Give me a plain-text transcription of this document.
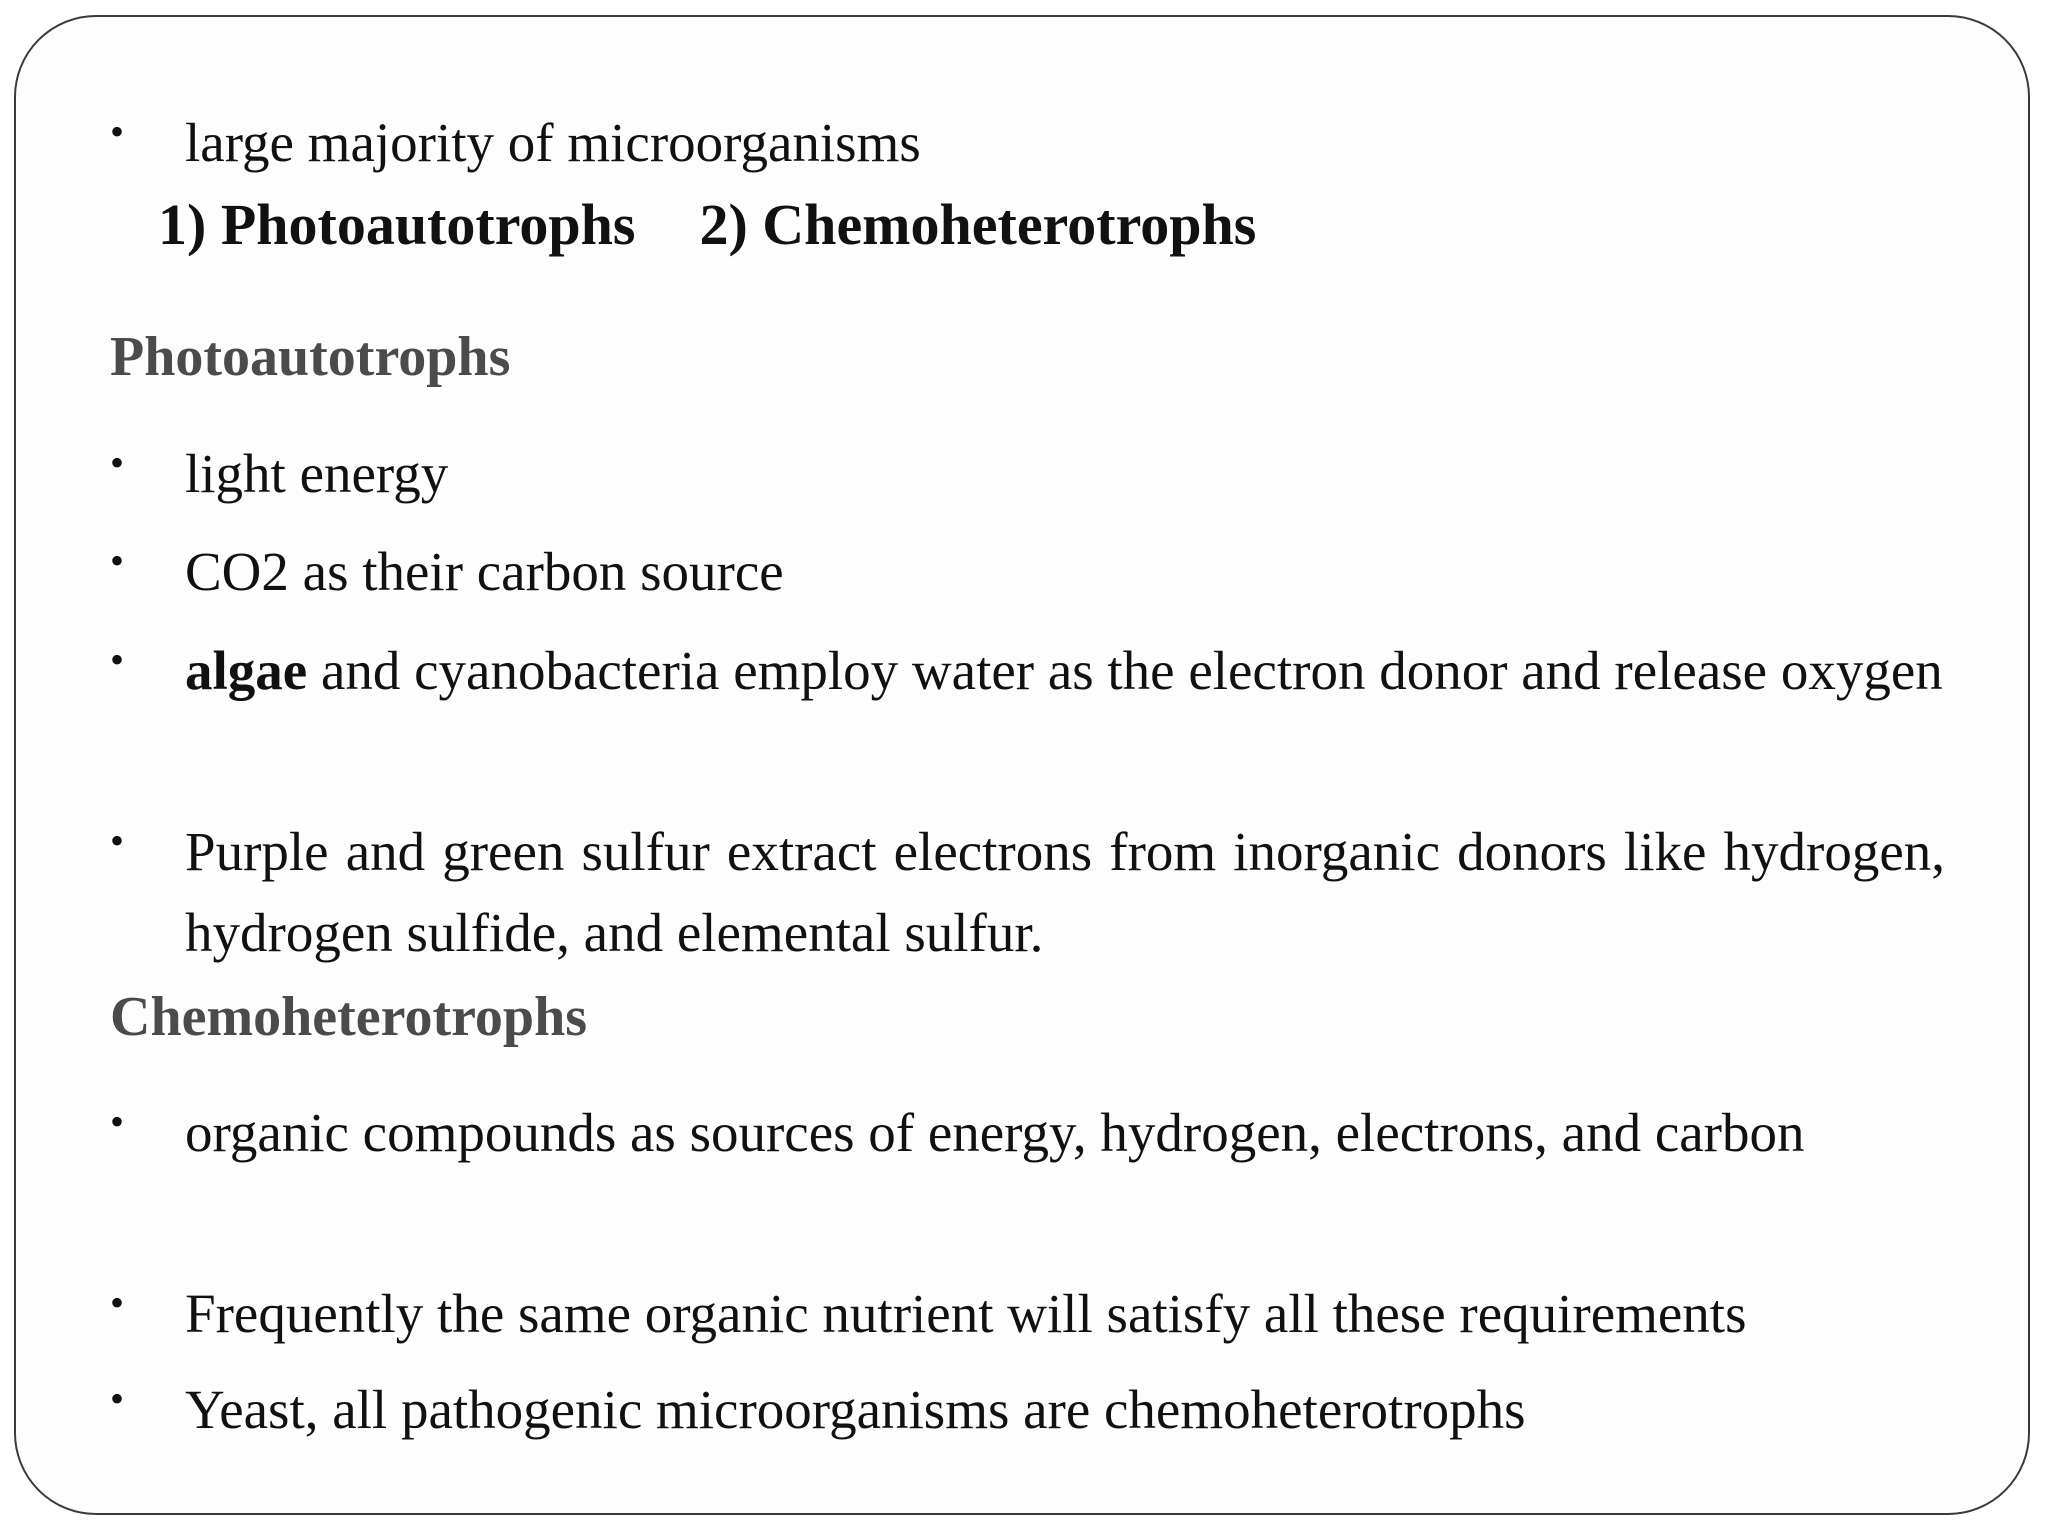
• large majority of microorganisms
1) Photoautotrophs 2) Chemoheterotrophs
Photoautotrophs
• light energy
• CO2 as their carbon source
• algae and cyanobacteria employ water as the electron donor and release oxygen
• Purple and green sulfur extract electrons from inorganic donors like hydrogen, hydrogen sulfide, and elemental sulfur.
Chemoheterotrophs
• organic compounds as sources of energy, hydrogen, electrons, and carbon
• Frequently the same organic nutrient will satisfy all these requirements
• Yeast, all pathogenic microorganisms are chemoheterotrophs
